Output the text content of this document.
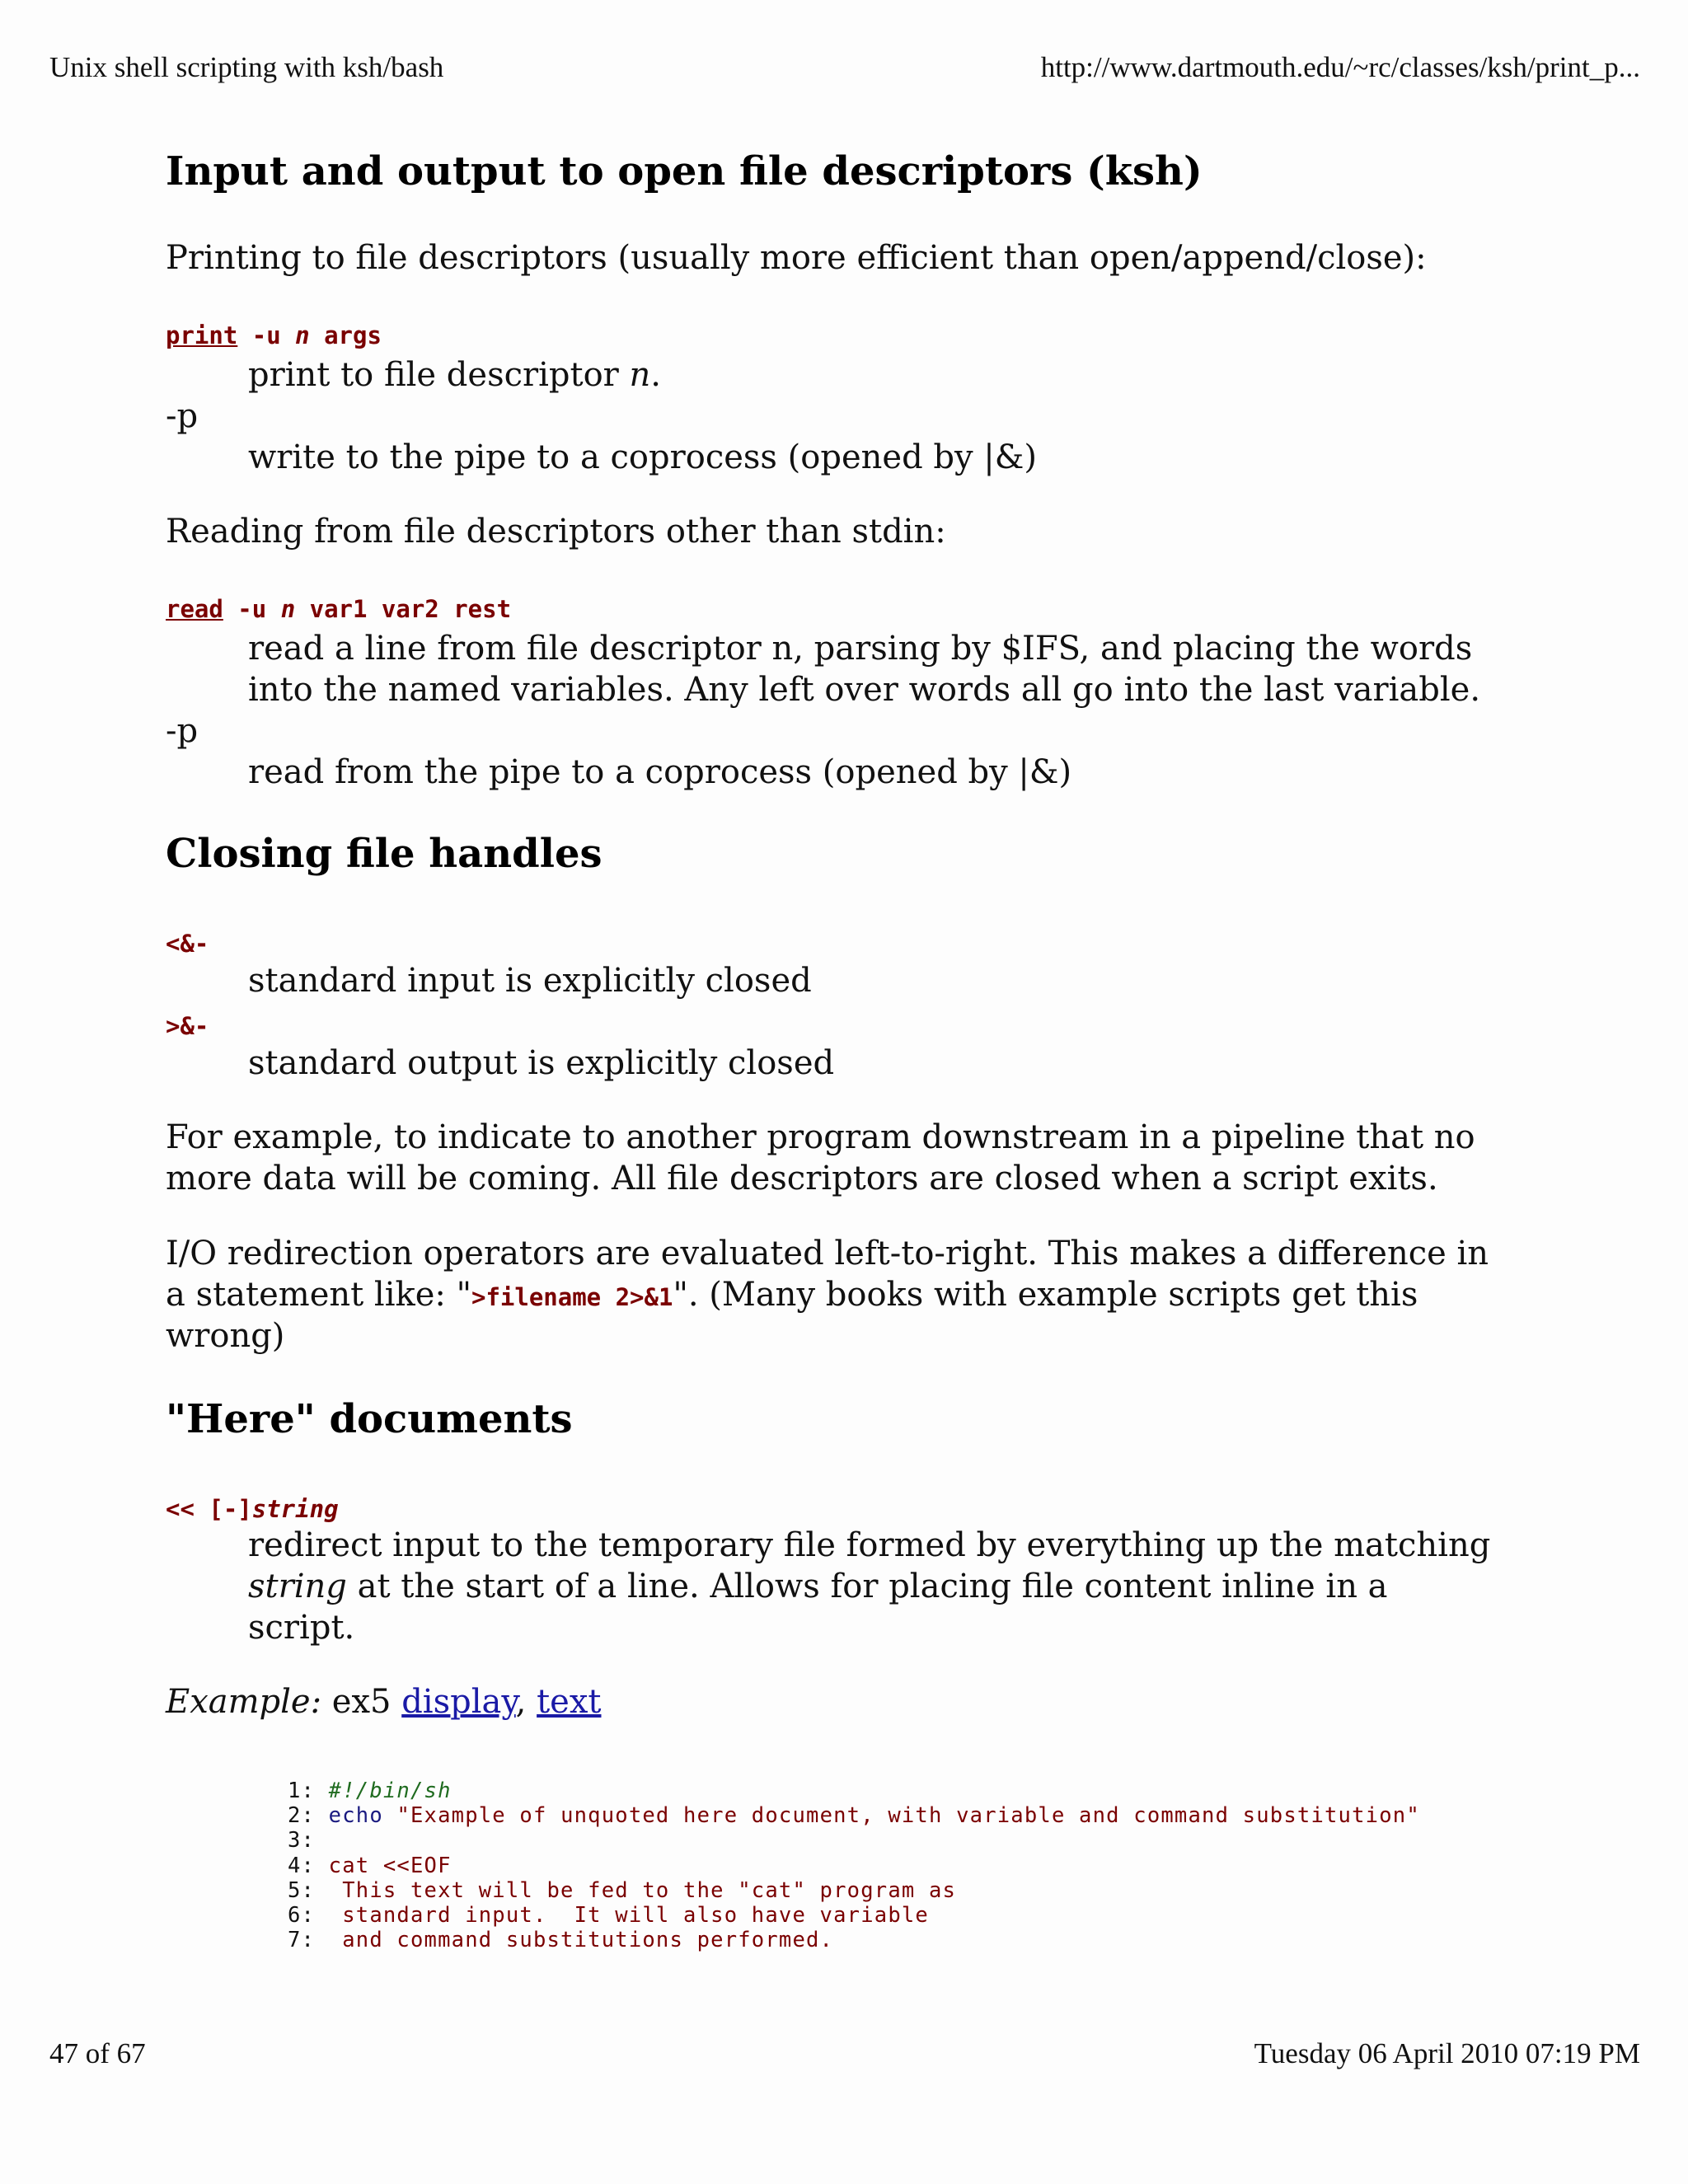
Unix shell scripting with ksh/bash	http://www.dartmouth.edu/~rc/classes/ksh/print_p...
Input and output to open file descriptors (ksh)

Printing to file descriptors (usually more efficient than open/append/close):

print -u n args

print to file descriptor n.

-p

write to the pipe to a coprocess (opened by |&)

Reading from file descriptors other than stdin:

read -u n var1 var2 rest

read a line from file descriptor n, parsing by $IFS, and placing the words

into the named variables. Any left over words all go into the last variable.

-p

read from the pipe to a coprocess (opened by |&)

Closing file handles
<&-

standard input is explicitly closed

>&-

standard output is explicitly closed

For example, to indicate to another program downstream in a pipeline that no

more data will be coming. All file descriptors are closed when a script exits.

I/O redirection operators are evaluated left-to-right. This makes a difference in

a statement like: ">filename 2>&1". (Many books with example scripts get this

wrong)

"Here" documents
<< [-]string

redirect input to the temporary file formed by everything up the matching

string at the start of a line. Allows for placing file content inline in a

script.

Example: ex5 display, text

1: #!/bin/sh
2: echo "Example of unquoted here document, with variable and command substitution"
3:
4: cat <<EOF
5:  This text will be fed to the "cat" program as
6:  standard input.  It will also have variable
7:  and command substitutions performed.
47 of 67	Tuesday 06 April 2010 07:19 PM
